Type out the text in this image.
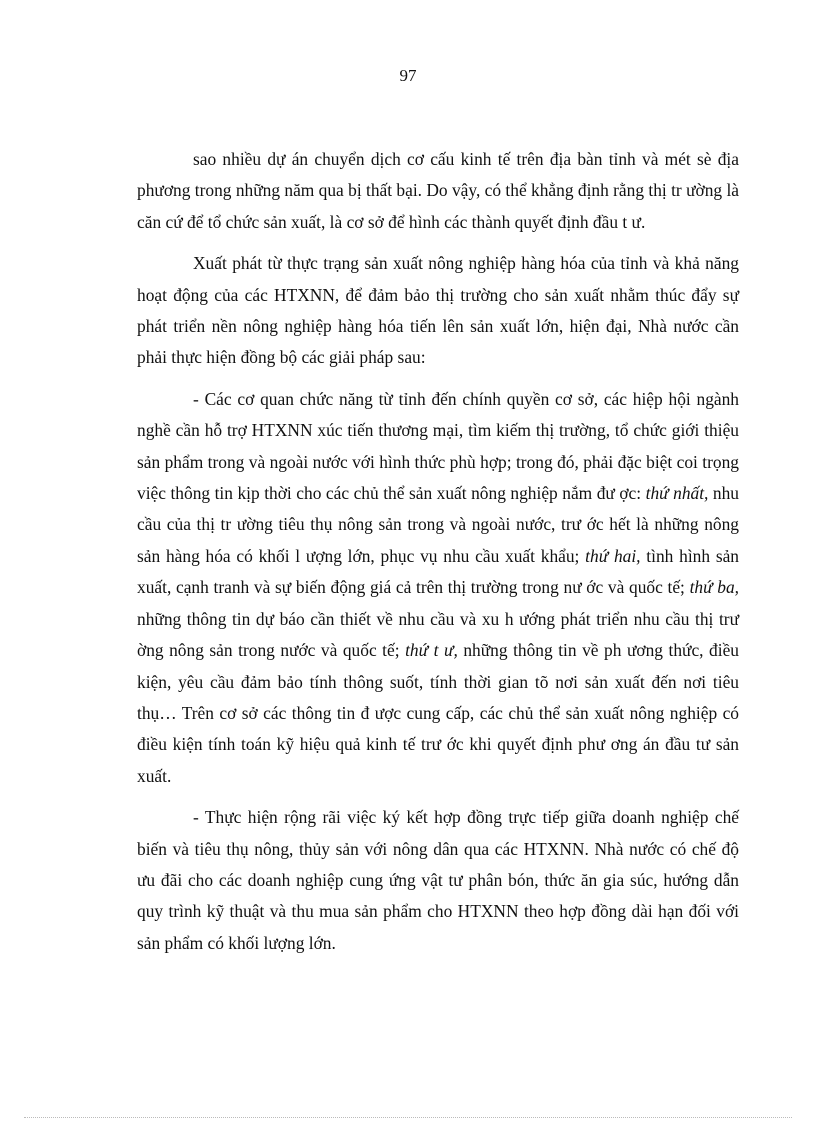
97

sao nhiều dự án chuyển dịch cơ cấu kinh tế trên địa bàn tỉnh và mét sè địa phương trong những năm qua bị thất bại. Do vậy, có thể khẳng định rằng thị tr ường là căn cứ để tổ chức sản xuất, là cơ sở để hình các thành quyết định đầu t ư.

Xuất phát từ thực trạng sản xuất nông nghiệp hàng hóa của tỉnh và khả năng hoạt động của các HTXNN, để đảm bảo thị trường cho sản xuất nhằm thúc đẩy sự phát triển nền nông nghiệp hàng hóa tiến lên sản xuất lớn, hiện đại, Nhà nước cần phải thực hiện đồng bộ các giải pháp sau:

- Các cơ quan chức năng từ tỉnh đến chính quyền cơ sở, các hiệp hội ngành nghề cần hỗ trợ HTXNN xúc tiến thương mại, tìm kiếm thị trường, tổ chức giới thiệu sản phẩm trong và ngoài nước với hình thức phù hợp; trong đó, phải đặc biệt coi trọng việc thông tin kịp thời cho các chủ thể sản xuất nông nghiệp nắm đư ợc: thứ nhất, nhu cầu của thị tr ường tiêu thụ nông sản trong và ngoài nước, trư ớc hết là những nông sản hàng hóa có khối l ượng lớn, phục vụ nhu cầu xuất khẩu; thứ hai, tình hình sản xuất, cạnh tranh và sự biến động giá cả trên thị trường trong nư ớc và quốc tế; thứ ba, những thông tin dự báo cần thiết về nhu cầu và xu h ướng phát triển nhu cầu thị trư ờng nông sản trong nước và quốc tế; thứ t ư, những thông tin về ph ương thức, điều kiện, yêu cầu đảm bảo tính thông suốt, tính thời gian tõ nơi sản xuất đến nơi tiêu thụ… Trên cơ sở các thông tin đ ược cung cấp, các chủ thể sản xuất nông nghiệp có điều kiện tính toán kỹ hiệu quả kinh tế trư ớc khi quyết định phư ơng án đầu tư sản xuất.

- Thực hiện rộng rãi việc ký kết hợp đồng trực tiếp giữa doanh nghiệp chế biến và tiêu thụ nông, thủy sản với nông dân qua các HTXNN. Nhà nước có chế độ ưu đãi cho các doanh nghiệp cung ứng vật tư phân bón, thức ăn gia súc, hướng dẫn quy trình kỹ thuật và thu mua sản phẩm cho HTXNN theo hợp đồng dài hạn đối với sản phẩm có khối lượng lớn.
